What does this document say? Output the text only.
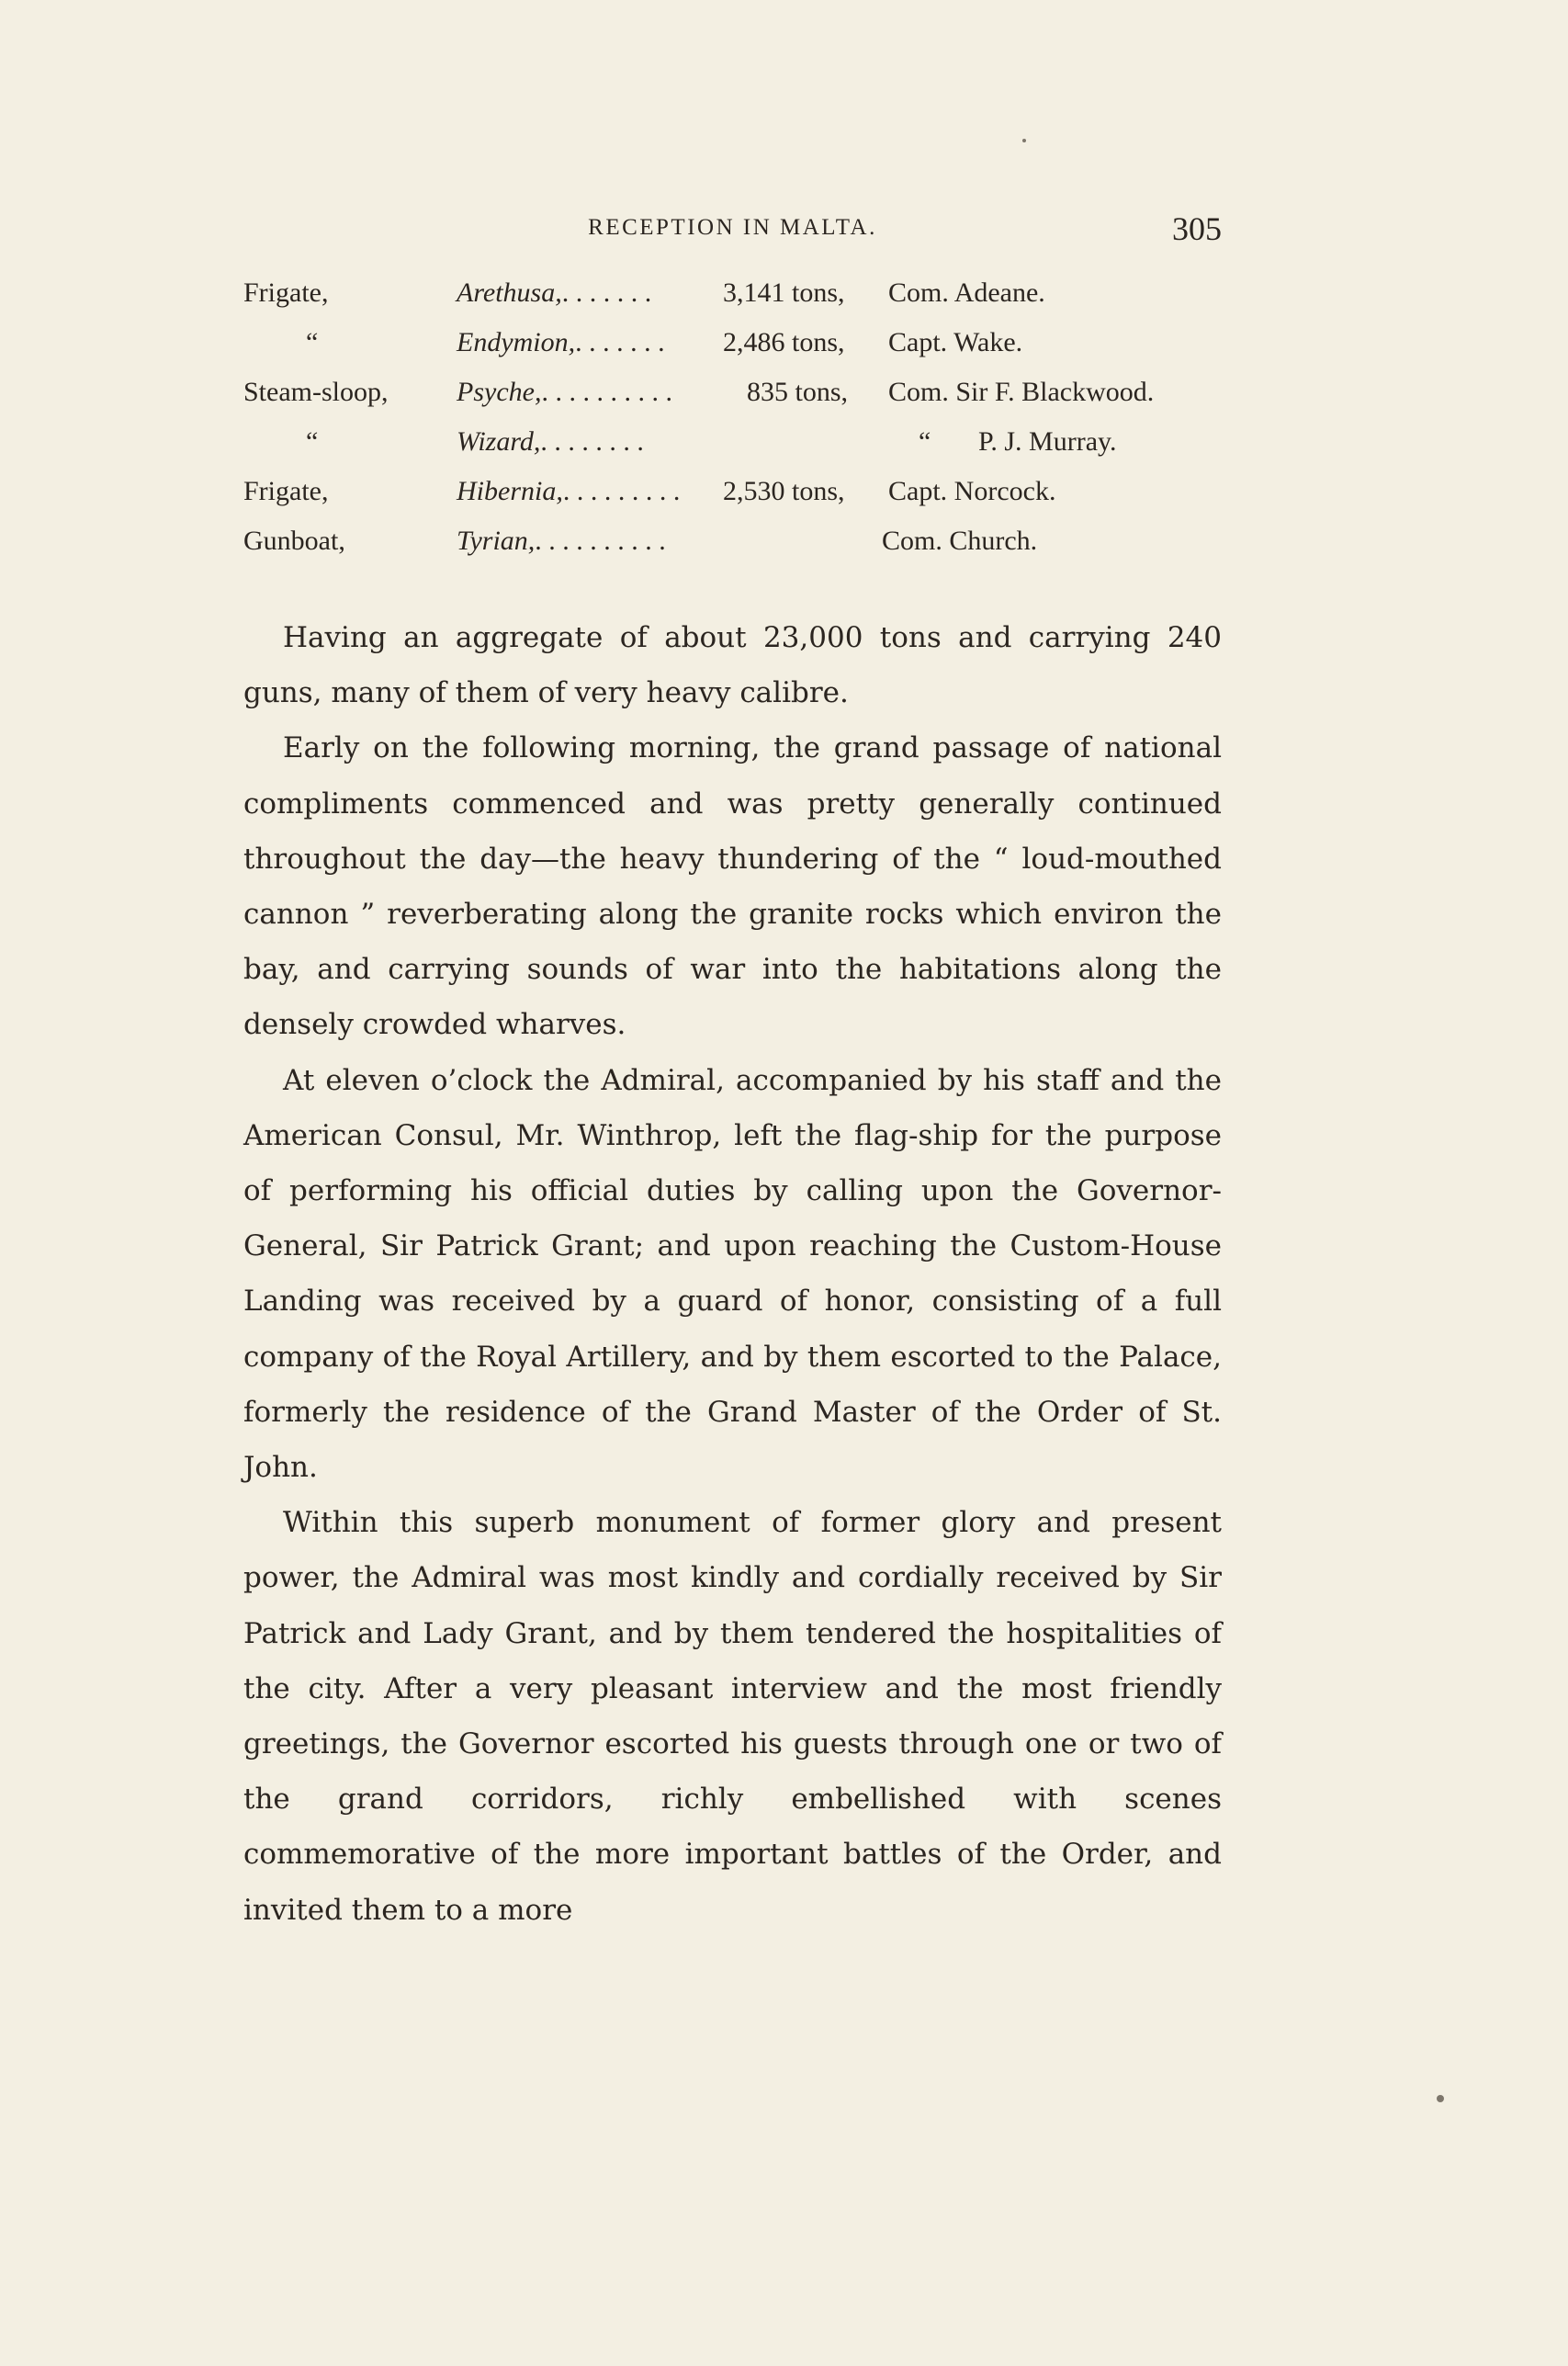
RECEPTION IN MALTA.	305
Frigate,	Arethusa,. . . . . . .	3,141 tons, Com. Adeane.
“	Endymion,. . . . . . . 2,486 tons, Capt. Wake.
Steam-sloop, Psyche,. . . . . . . . . .	835 tons, Com. Sir F. Blackwood.
“	Wizard,. . . . . . . .	“ P. J. Murray.
Frigate,	Hibernia,. . . . . . . . . 2,530 tons, Capt. Norcock.
Gunboat,	Tyrian,. . . . . . . . . .	Com. Church.

Having an aggregate of about 23,000 tons and carrying 240 guns, many of them of very heavy calibre.

Early on the following morning, the grand passage of national compliments commenced and was pretty generally continued throughout the day—the heavy thundering of the “ loud-mouthed cannon ” reverberating along the granite rocks which environ the bay, and carrying sounds of war into the habitations along the densely crowded wharves.

At eleven o’clock the Admiral, accompanied by his staff and the American Consul, Mr. Winthrop, left the flag-ship for the purpose of performing his official duties by calling upon the Governor-General, Sir Patrick Grant; and upon reaching the Custom-House Landing was received by a guard of honor, consisting of a full company of the Royal Artillery, and by them escorted to the Palace, formerly the residence of the Grand Master of the Order of St. John.

Within this superb monument of former glory and present power, the Admiral was most kindly and cordially received by Sir Patrick and Lady Grant, and by them tendered the hospitalities of the city. After a very pleasant interview and the most friendly greetings, the Governor escorted his guests through one or two of the grand corridors, richly embellished with scenes commemorative of the more important battles of the Order, and invited them to a more
